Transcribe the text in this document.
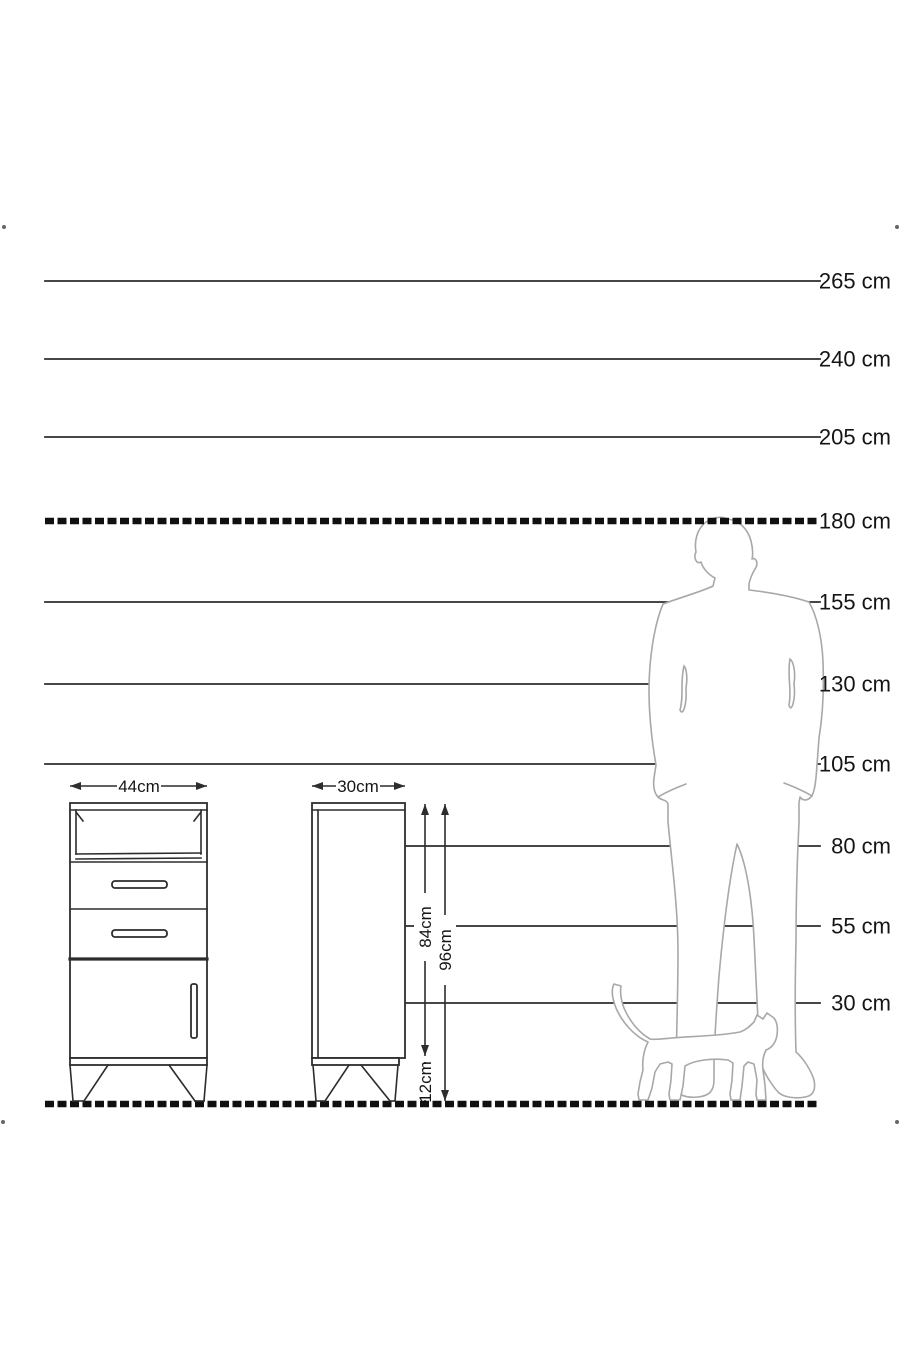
44cm	30cm
84cm
96cm
12cm
265 cm
240 cm
205 cm
180 cm
155 cm
130 cm
105 cm
80 cm
55 cm
30 cm
